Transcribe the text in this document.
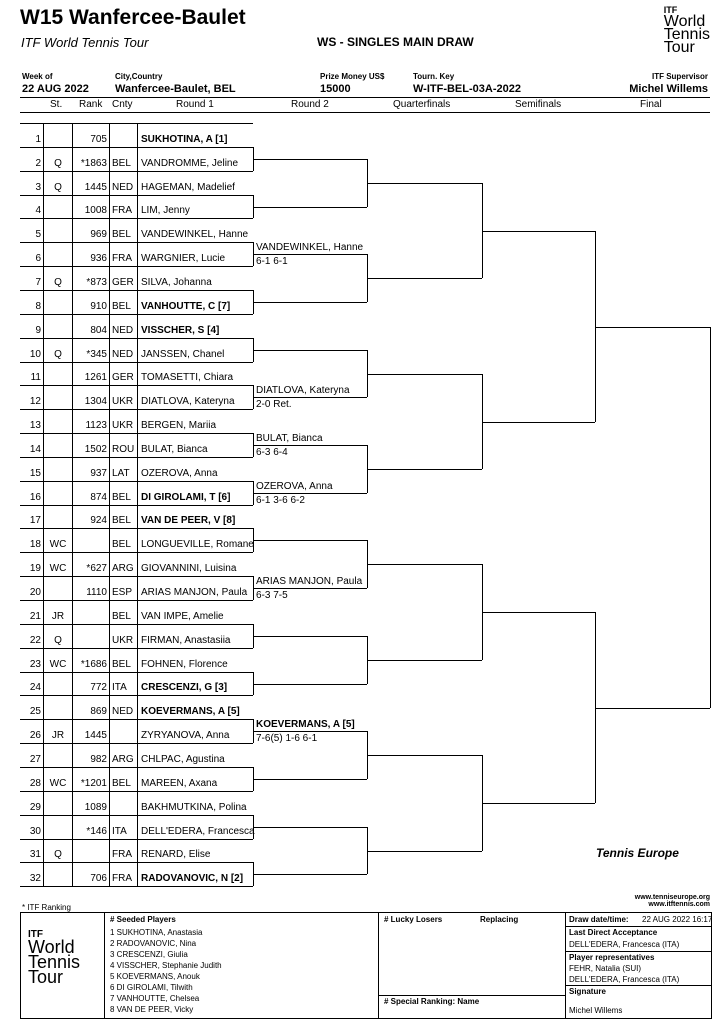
W15 Wanfercee-Baulet
ITF World Tennis Tour	WS - SINGLES MAIN DRAW
ITF
World
Tennis
Tour
Week of
22 AUG 2022
City,Country
Wanfercee-Baulet, BEL
Prize Money US$
15000
Tourn. Key
W-ITF-BEL-03A-2022
ITF Supervisor
Michel Willems
St. Rank Cnty	Round 1	Round 2	Quarterfinals	Semifinals	Final
1	705	SUKHOTINA, A [1]
2	Q	*1863 BEL VANDROMME, Jeline
3	Q	1445 NED HAGEMAN, Madelief
4	1008 FRA LIM, Jenny
5	969 BEL VANDEWINKEL, Hanne
6	936 FRA WARGNIER, Lucie
7	Q	*873 GER SILVA, Johanna
8	910 BEL VANHOUTTE, C [7]
9	804 NED VISSCHER, S [4]
10	Q	*345 NED JANSSEN, Chanel
11	1261 GER TOMASETTI, Chiara
12	1304 UKR DIATLOVA, Kateryna
13	1123 UKR BERGEN, Mariia
14	1502 ROU BULAT, Bianca
15	937 LAT OZEROVA, Anna
16	874 BEL DI GIROLAMI, T [6]
17	924 BEL VAN DE PEER, V [8]
18 WC	BEL LONGUEVILLE, Romane
19 WC	*627 ARG GIOVANNINI, Luisina
20	1110 ESP ARIAS MANJON, Paula
21	JR	BEL VAN IMPE, Amelie
22	Q	UKR FIRMAN, Anastasiia
23 WC	*1686 BEL FOHNEN, Florence
24	772 ITA CRESCENZI, G [3]
25	869 NED KOEVERMANS, A [5]
26	JR	1445	ZYRYANOVA, Anna
27	982 ARG CHLPAC, Agustina
28 WC	*1201 BEL MAREEN, Axana
29	1089	BAKHMUTKINA, Polina
30	*146 ITA DELL'EDERA, Francesca
31	Q	FRA RENARD, Elise
32	706 FRA RADOVANOVIC, N [2]
VANDEWINKEL, Hanne
6-1 6-1
DIATLOVA, Kateryna
2-0 Ret.
BULAT, Bianca
6-3 6-4
OZEROVA, Anna
6-1 3-6 6-2
ARIAS MANJON, Paula
6-3 7-5
KOEVERMANS, A [5]
7-6(5) 1-6 6-1
* ITF Ranking
www.tenniseurope.org
www.itftennis.com
Tennis Europe
ITF
World
Tennis
Tour
# Seeded Players
1 SUKHOTINA, Anastasia
2 RADOVANOVIC, Nina
3 CRESCENZI, Giulia
4 VISSCHER, Stephanie Judith
5 KOEVERMANS, Anouk
6 DI GIROLAMI, Tilwith
7 VANHOUTTE, Chelsea
8 VAN DE PEER, Vicky
# Lucky Losers	Replacing
# Special Ranking: Name
Draw date/time: 22 AUG 2022 16:17
Last Direct Acceptance
DELL'EDERA, Francesca (ITA)
Player representatives
FEHR, Natalia (SUI)
DELL'EDERA, Francesca (ITA)
Signature
Michel Willems
